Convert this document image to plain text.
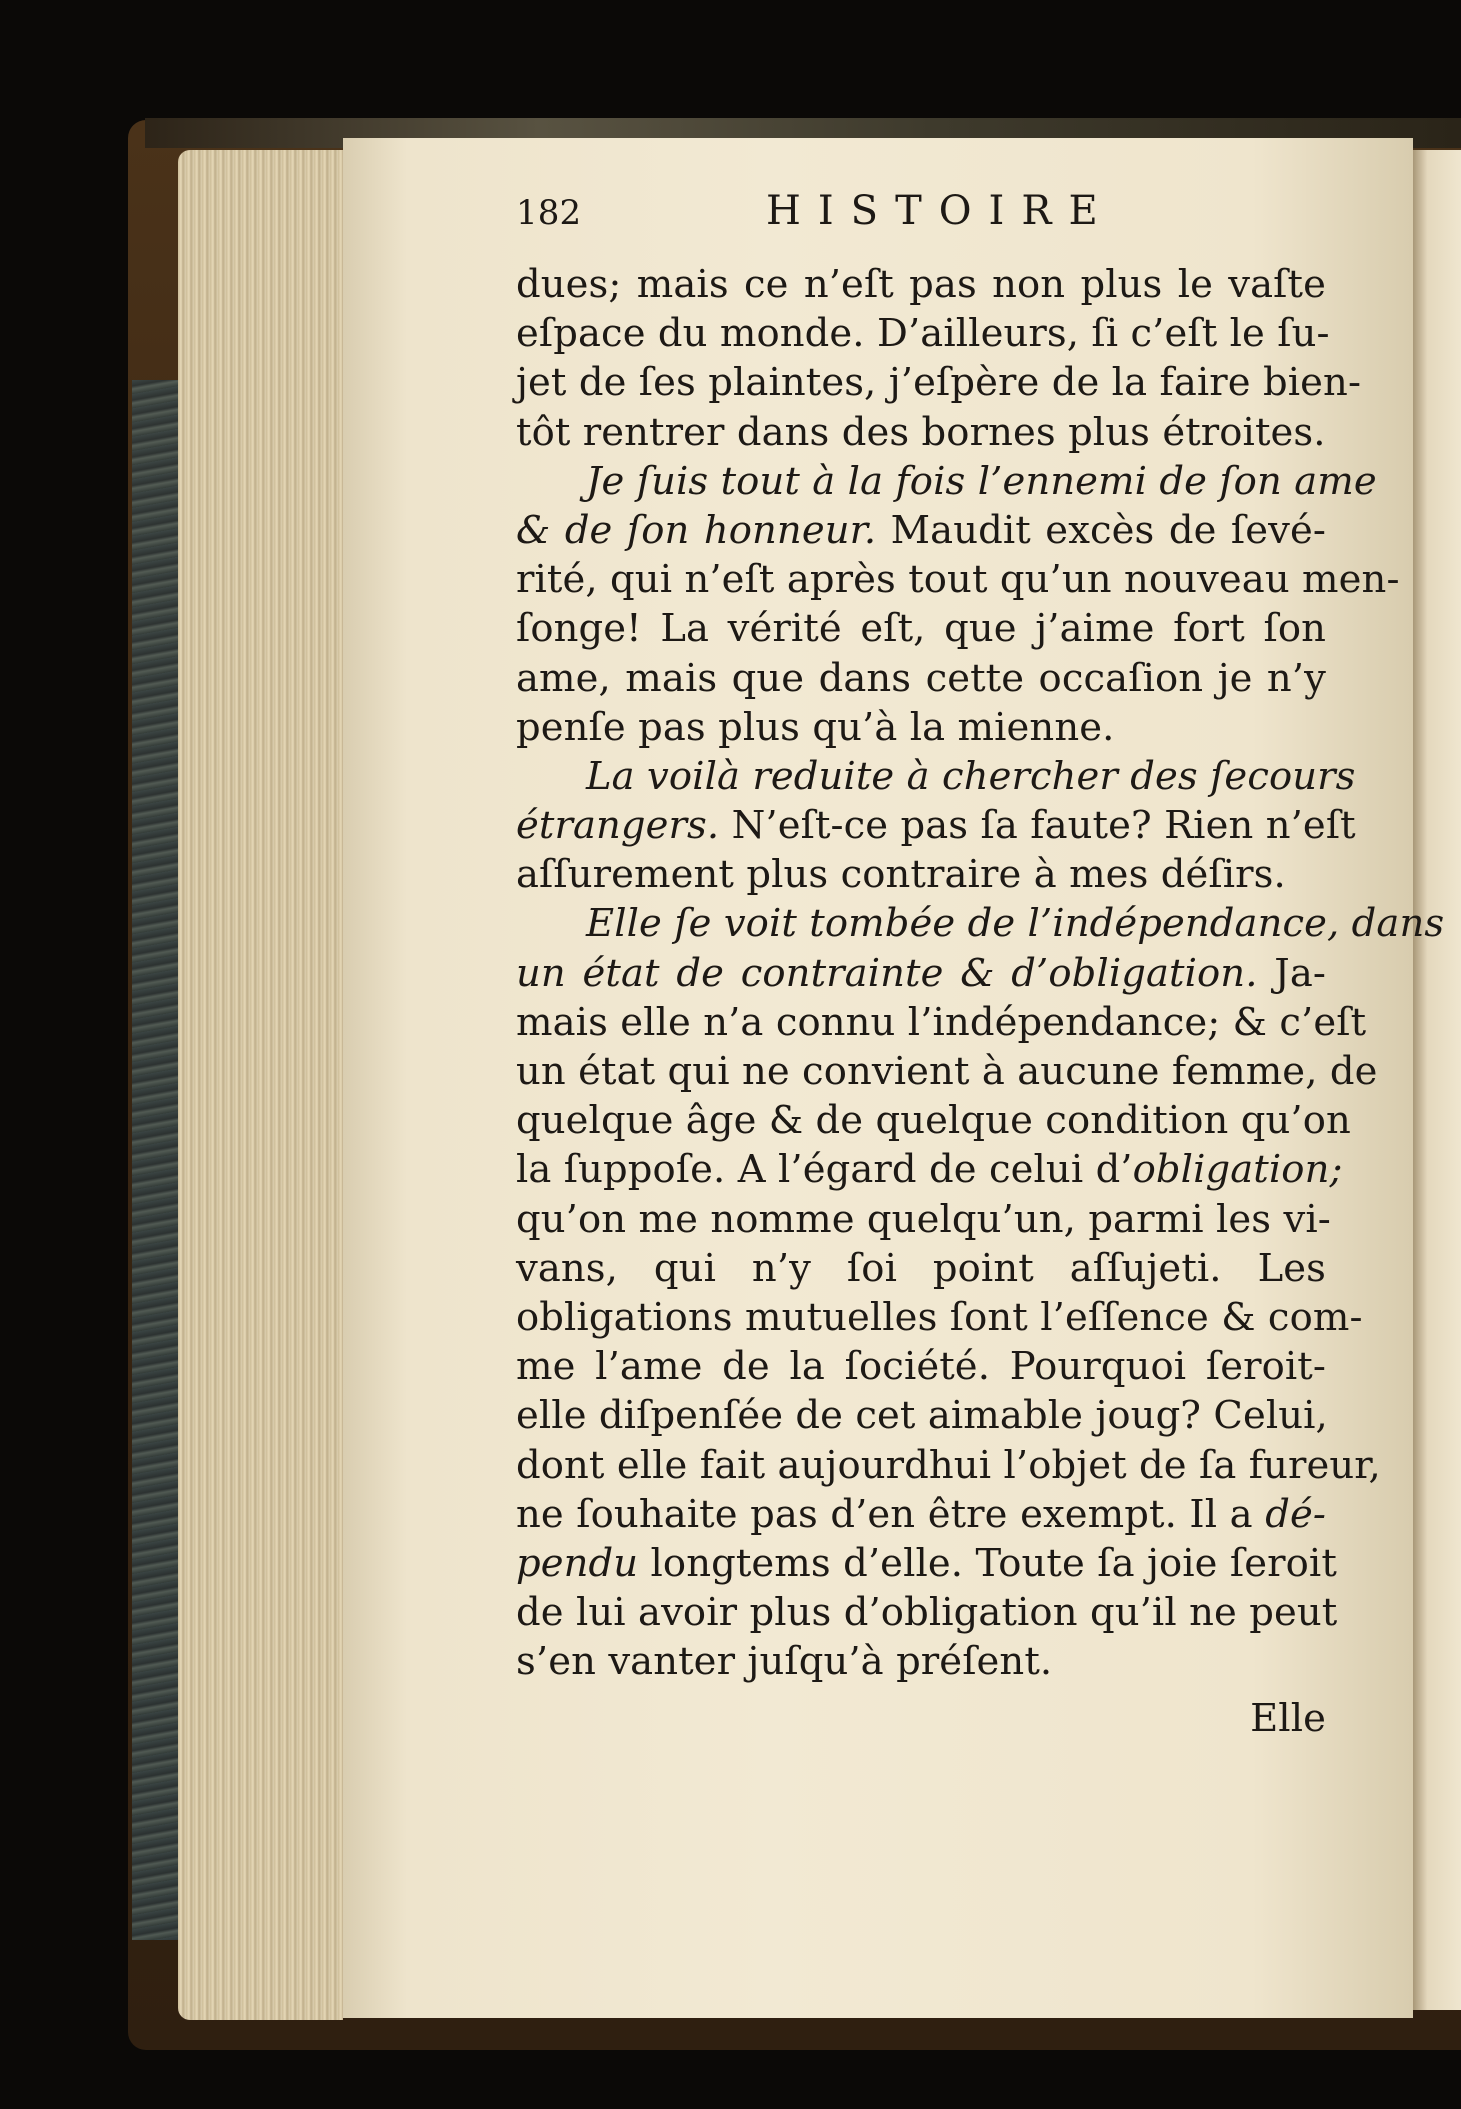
182	HISTOIRE
dues; mais ce n’eſt pas non plus le vaſte
eſpace du monde. D’ailleurs, ſi c’eſt le ſu-
jet de ſes plaintes, j’eſpère de la faire bien-
tôt rentrer dans des bornes plus étroites.
Je ſuis tout à la fois l’ennemi de ſon ame
& de ſon honneur. Maudit excès de ſevé-
rité, qui n’eſt après tout qu’un nouveau men-
ſonge! La vérité eſt, que j’aime fort ſon
ame, mais que dans cette occaſion je n’y
penſe pas plus qu’à la mienne.
La voilà reduite à chercher des ſecours
étrangers. N’eſt-ce pas ſa faute? Rien n’eſt
aſſurement plus contraire à mes déſirs.
Elle ſe voit tombée de l’indépendance, dans
un état de contrainte & d’obligation. Ja-
mais elle n’a connu l’indépendance; & c’eſt
un état qui ne convient à aucune femme, de
quelque âge & de quelque condition qu’on
la ſuppoſe. A l’égard de celui d’obligation;
qu’on me nomme quelqu’un, parmi les vi-
vans, qui n’y ſoi point aſſujeti. Les
obligations mutuelles ſont l’eſſence & com-
me l’ame de la ſociété. Pourquoi ſeroit-
elle diſpenſée de cet aimable joug? Celui,
dont elle fait aujourdhui l’objet de ſa fureur,
ne ſouhaite pas d’en être exempt. Il a dé-
pendu longtems d’elle. Toute ſa joie ſeroit
de lui avoir plus d’obligation qu’il ne peut
s’en vanter juſqu’à préſent.
Elle
